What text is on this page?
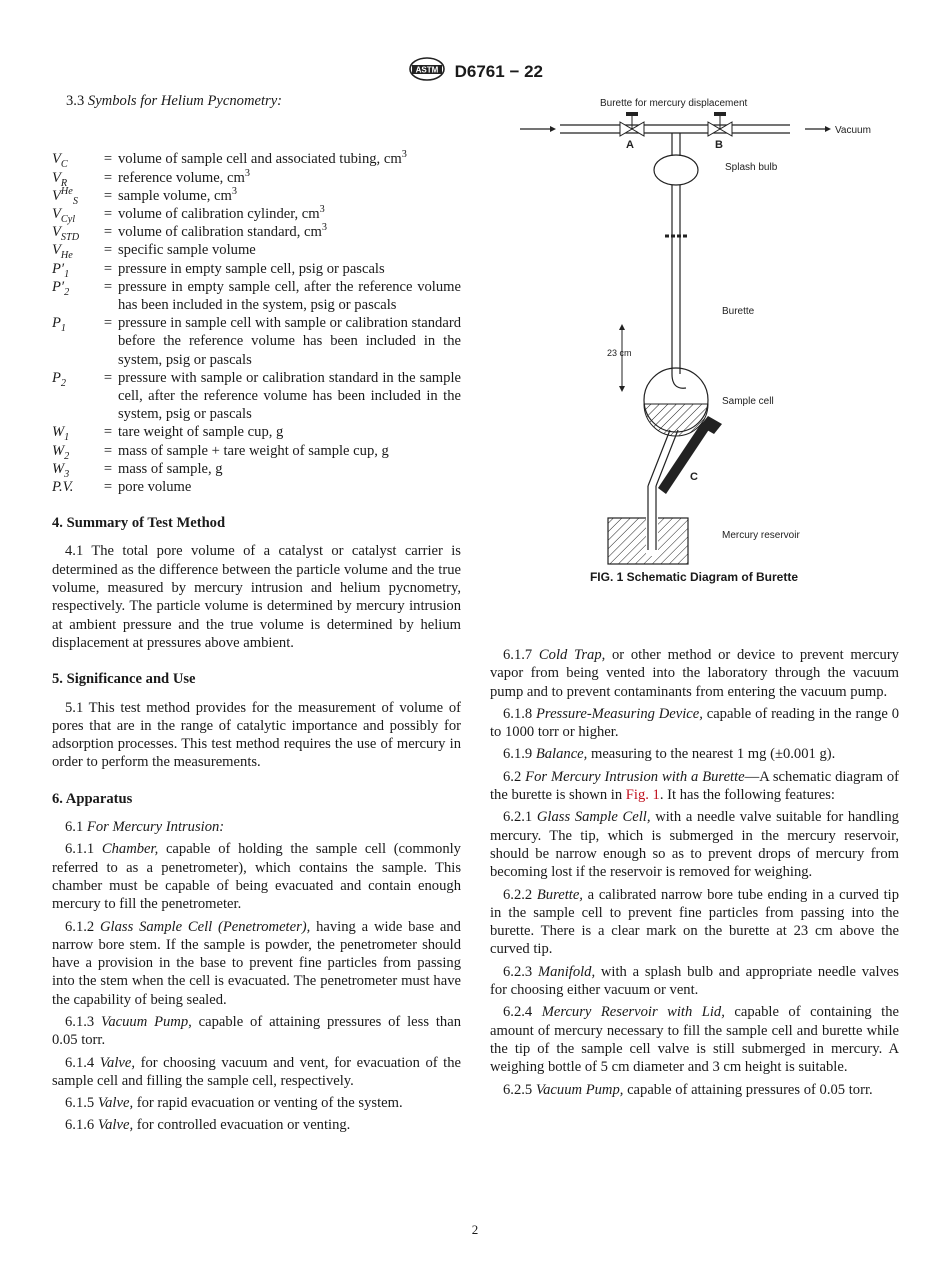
ASTM D6761 − 22
3.3 Symbols for Helium Pycnometry:
$V_C$	=	volume of sample cell and associated tubing, $cm^3$
$V_R$	=	reference volume, $cm^3$
$V^{He}_S$	=	sample volume, $cm^3$
$V_{Cyl}$	=	volume of calibration cylinder, $cm^3$
$V_{STD}$	=	volume of calibration standard, $cm^3$
$V_{He}$	=	specific sample volume
$P'_1$	=	pressure in empty sample cell, psig or pascals
$P'_2$	=	pressure in empty sample cell, after the reference volume has been included in the system, psig or pascals
$P_1$	=	pressure in sample cell with sample or calibration standard before the reference volume has been included in the system, psig or pascals
$P_2$	=	pressure with sample or calibration standard in the sample cell, after the reference volume has been included in the system, psig or pascals
$W_1$	=	tare weight of sample cup, g
$W_2$	=	mass of sample + tare weight of sample cup, g
$W_3$	=	mass of sample, g
P.V.	=	pore volume
4. Summary of Test Method

4.1 The total pore volume of a catalyst or catalyst carrier is determined as the difference between the particle volume and the true volume, measured by mercury intrusion and helium pycnometry, respectively. The particle volume is determined by mercury intrusion at ambient pressure and the true volume is determined by helium displacement at pressures above ambient.

5. Significance and Use

5.1 This test method provides for the measurement of volume of pores that are in the range of catalytic importance and possibly for adsorption processes. This test method requires the use of mercury in order to perform the measurements.

6. Apparatus

6.1 For Mercury Intrusion:

6.1.1 Chamber, capable of holding the sample cell (commonly referred to as a penetrometer), which contains the sample. This chamber must be capable of being evacuated and contain enough mercury to fill the penetrometer.

6.1.2 Glass Sample Cell (Penetrometer), having a wide base and narrow bore stem. If the sample is powder, the penetrometer should have a provision in the base to prevent fine particles from passing into the stem when the cell is evacuated. The penetrometer must have the capability of being sealed.

6.1.3 Vacuum Pump, capable of attaining pressures of less than 0.05 torr.

6.1.4 Valve, for choosing vacuum and vent, for evacuation of the sample cell and filling the sample cell, respectively.

6.1.5 Valve, for rapid evacuation or venting of the system.

6.1.6 Valve, for controlled evacuation or venting.

Burette for mercury displacement
Vacuum
A	B
Splash bulb
Burette
23 cm
Sample cell
C
Mercury reservoir
FIG. 1 Schematic Diagram of Burette

6.1.7 Cold Trap, or other method or device to prevent mercury vapor from being vented into the laboratory through the vacuum pump and to prevent contaminants from entering the vacuum pump.

6.1.8 Pressure-Measuring Device, capable of reading in the range 0 to 1000 torr or higher.

6.1.9 Balance, measuring to the nearest 1 mg (±0.001 g).

6.2 For Mercury Intrusion with a Burette—A schematic diagram of the burette is shown in Fig. 1. It has the following features:

6.2.1 Glass Sample Cell, with a needle valve suitable for handling mercury. The tip, which is submerged in the mercury reservoir, should be narrow enough so as to prevent drops of mercury from becoming lost if the reservoir is removed for weighing.

6.2.2 Burette, a calibrated narrow bore tube ending in a curved tip in the sample cell to prevent fine particles from passing into the burette. There is a clear mark on the burette at 23 cm above the curved tip.

6.2.3 Manifold, with a splash bulb and appropriate needle valves for choosing either vacuum or vent.

6.2.4 Mercury Reservoir with Lid, capable of containing the amount of mercury necessary to fill the sample cell and burette while the tip of the sample cell valve is still submerged in mercury. A weighing bottle of 5 cm diameter and 3 cm height is suitable.

6.2.5 Vacuum Pump, capable of attaining pressures of 0.05 torr.

2
